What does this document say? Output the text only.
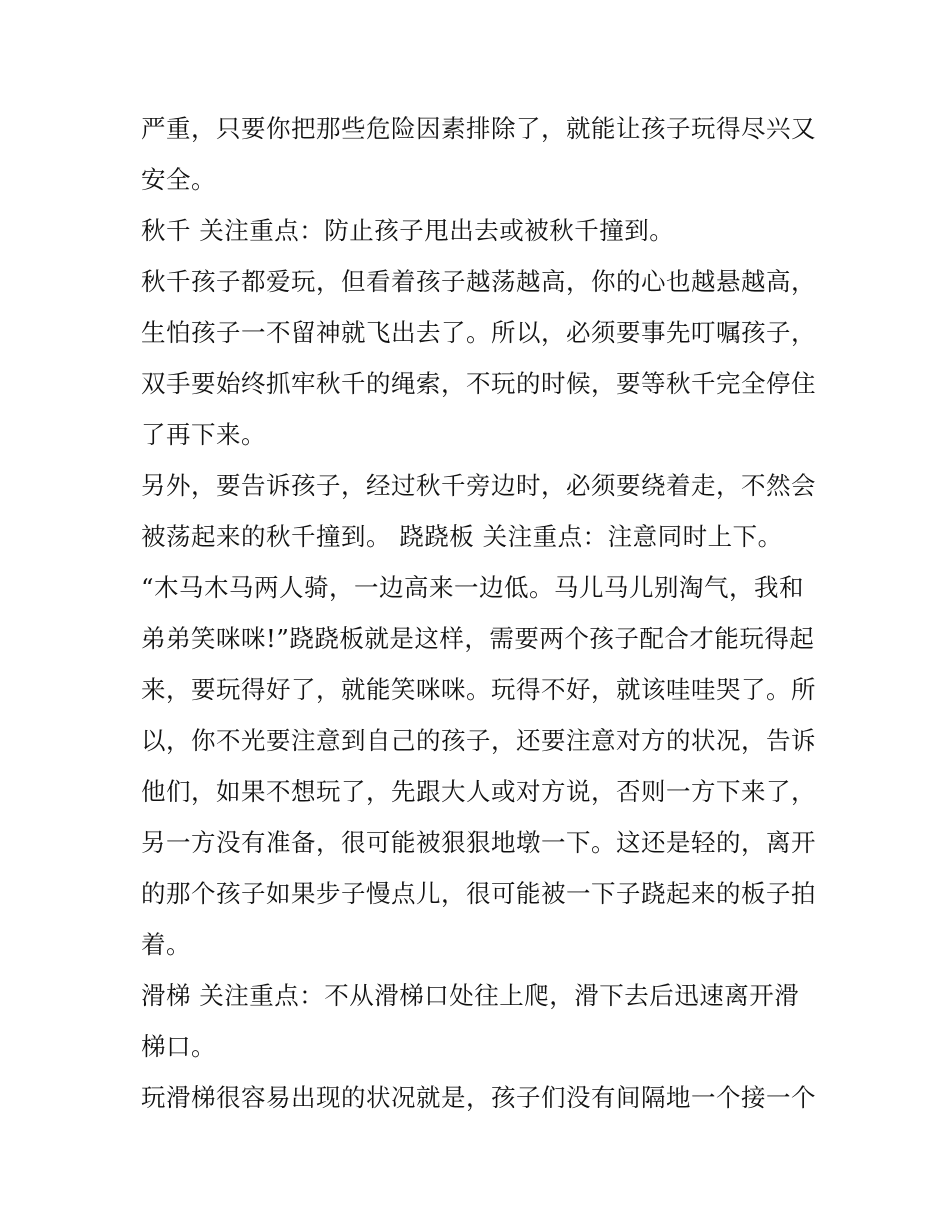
严重，只要你把那些危险因素排除了，就能让孩子玩得尽兴又
安全。
秋千 关注重点：防止孩子甩出去或被秋千撞到。
秋千孩子都爱玩，但看着孩子越荡越高，你的心也越悬越高，
生怕孩子一不留神就飞出去了。所以，必须要事先叮嘱孩子，
双手要始终抓牢秋千的绳索，不玩的时候，要等秋千完全停住
了再下来。
另外，要告诉孩子，经过秋千旁边时，必须要绕着走，不然会
被荡起来的秋千撞到。 跷跷板 关注重点：注意同时上下。
“木马木马两人骑，一边高来一边低。马儿马儿别淘气，我和
弟弟笑咪咪!”跷跷板就是这样，需要两个孩子配合才能玩得起
来，要玩得好了，就能笑咪咪。玩得不好，就该哇哇哭了。所
以，你不光要注意到自己的孩子，还要注意对方的状况，告诉
他们，如果不想玩了，先跟大人或对方说，否则一方下来了，
另一方没有准备，很可能被狠狠地墩一下。这还是轻的，离开
的那个孩子如果步子慢点儿，很可能被一下子跷起来的板子拍
着。
滑梯 关注重点：不从滑梯口处往上爬，滑下去后迅速离开滑
梯口。
玩滑梯很容易出现的状况就是，孩子们没有间隔地一个接一个
